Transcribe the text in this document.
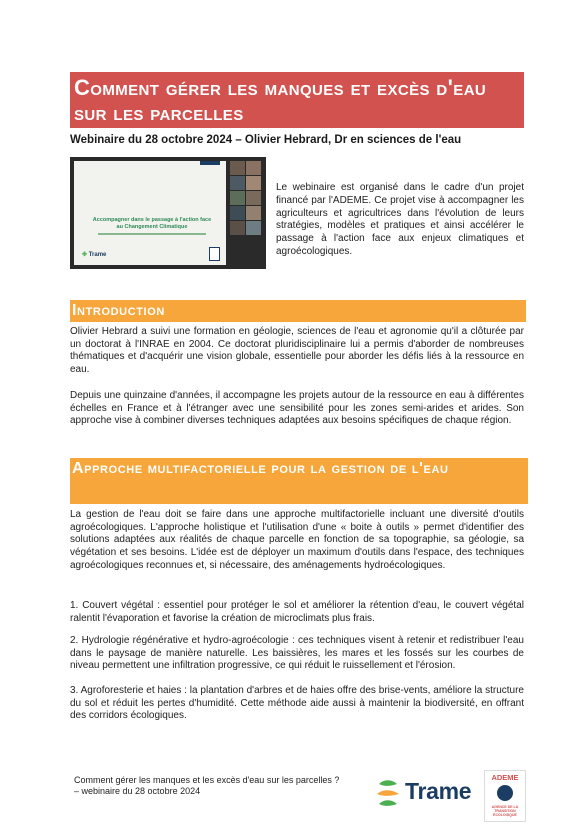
Comment gérer les manques et excès d'eau sur les parcelles
Webinaire du 28 octobre 2024 – Olivier Hebrard, Dr en sciences de l'eau
Accompagner dans le passage à l'action face au Changement Climatique
✤ Trame
Le webinaire est organisé dans le cadre d'un projet financé par l'ADEME. Ce projet vise à accompagner les agriculteurs et agricultrices dans l'évolution de leurs stratégies, modèles et pratiques et ainsi accélérer le passage à l'action face aux enjeux climatiques et agroécologiques.
Introduction

Olivier Hebrard a suivi une formation en géologie, sciences de l'eau et agronomie qu'il a clôturée par un doctorat à l'INRAE en 2004. Ce doctorat pluridisciplinaire lui a permis d'aborder de nombreuses thématiques et d'acquérir une vision globale, essentielle pour aborder les défis liés à la ressource en eau.

Depuis une quinzaine d'années, il accompagne les projets autour de la ressource en eau à différentes échelles en France et à l'étranger avec une sensibilité pour les zones semi-arides et arides. Son approche vise à combiner diverses techniques adaptées aux besoins spécifiques de chaque région.

Approche multifactorielle pour la gestion de l'eau

La gestion de l'eau doit se faire dans une approche multifactorielle incluant une diversité d'outils agroécologiques. L'approche holistique et l'utilisation d'une « boite à outils » permet d'identifier des solutions adaptées aux réalités de chaque parcelle en fonction de sa topographie, sa géologie, sa végétation et ses besoins. L'idée est de déployer un maximum d'outils dans l'espace, des techniques agroécologiques reconnues et, si nécessaire, des aménagements hydroécologiques.

1. Couvert végétal : essentiel pour protéger le sol et améliorer la rétention d'eau, le couvert végétal ralentit l'évaporation et favorise la création de microclimats plus frais.

2. Hydrologie régénérative et hydro-agroécologie : ces techniques visent à retenir et redistribuer l'eau dans le paysage de manière naturelle. Les baissières, les mares et les fossés sur les courbes de niveau permettent une infiltration progressive, ce qui réduit le ruissellement et l'érosion.

3. Agroforesterie et haies : la plantation d'arbres et de haies offre des brise-vents, améliore la structure du sol et réduit les pertes d'humidité. Cette méthode aide aussi à maintenir la biodiversité, en offrant des corridors écologiques.

Comment gérer les manques et les excès d'eau sur les parcelles ?
– webinaire du 28 octobre 2024	Trame
ADEME
AGENCE DE LA TRANSITION ÉCOLOGIQUE
